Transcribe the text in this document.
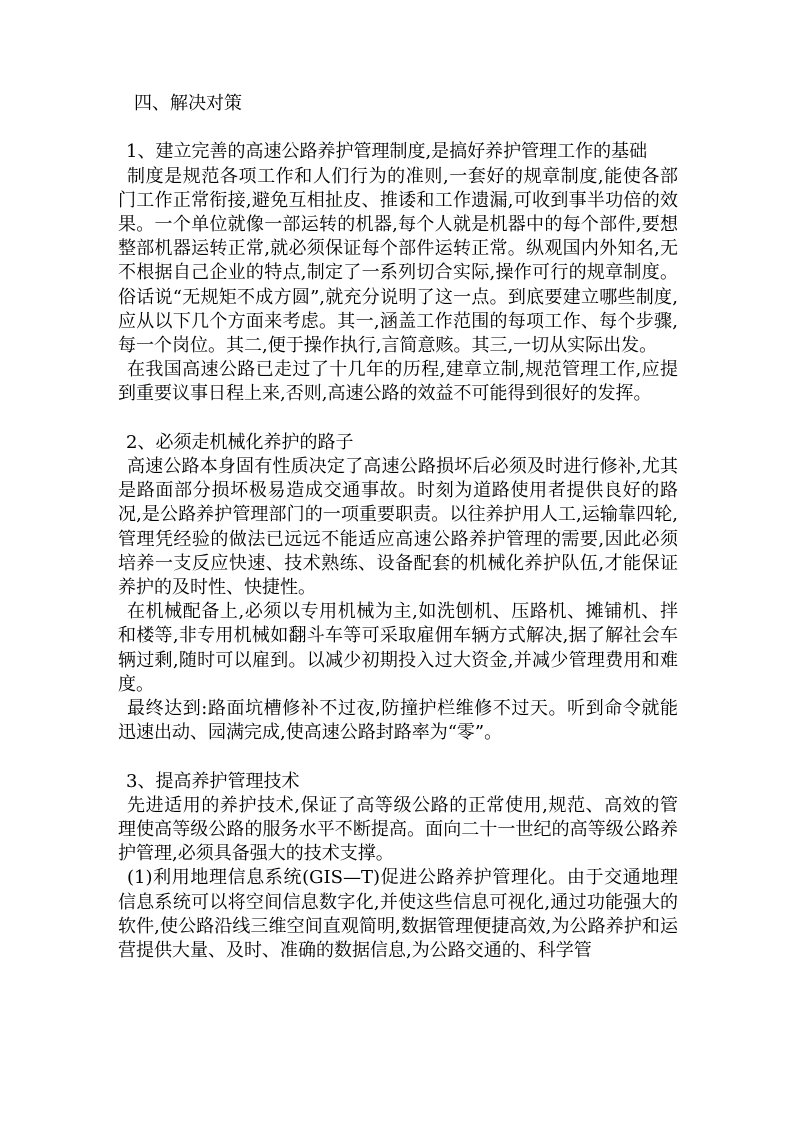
四、解决对策

1、建立完善的高速公路养护管理制度,是搞好养护管理工作的基础

制度是规范各项工作和人们行为的准则,一套好的规章制度,能使各部门工作正常衔接,避免互相扯皮、推诿和工作遗漏,可收到事半功倍的效果。一个单位就像一部运转的机器,每个人就是机器中的每个部件,要想整部机器运转正常,就必须保证每个部件运转正常。纵观国内外知名,无不根据自己企业的特点,制定了一系列切合实际,操作可行的规章制度。俗话说“无规矩不成方圆”,就充分说明了这一点。到底要建立哪些制度,应从以下几个方面来考虑。其一,涵盖工作范围的每项工作、每个步骤,每一个岗位。其二,便于操作执行,言简意赅。其三,一切从实际出发。

在我国高速公路已走过了十几年的历程,建章立制,规范管理工作,应提到重要议事日程上来,否则,高速公路的效益不可能得到很好的发挥。

2、必须走机械化养护的路子

高速公路本身固有性质决定了高速公路损坏后必须及时进行修补,尤其是路面部分损坏极易造成交通事故。时刻为道路使用者提供良好的路况,是公路养护管理部门的一项重要职责。以往养护用人工,运输靠四轮,管理凭经验的做法已远远不能适应高速公路养护管理的需要,因此必须培养一支反应快速、技术熟练、设备配套的机械化养护队伍,才能保证养护的及时性、快捷性。

在机械配备上,必须以专用机械为主,如洗刨机、压路机、摊铺机、拌和楼等,非专用机械如翻斗车等可采取雇佣车辆方式解决,据了解社会车辆过剩,随时可以雇到。以减少初期投入过大资金,并减少管理费用和难度。

最终达到:路面坑槽修补不过夜,防撞护栏维修不过天。听到命令就能迅速出动、园满完成,使高速公路封路率为“零”。

3、提高养护管理技术

先进适用的养护技术,保证了高等级公路的正常使用,规范、高效的管理使高等级公路的服务水平不断提高。面向二十一世纪的高等级公路养护管理,必须具备强大的技术支撑。

(1)利用地理信息系统(GIS—T)促进公路养护管理化。由于交通地理信息系统可以将空间信息数字化,并使这些信息可视化,通过功能强大的软件,使公路沿线三维空间直观简明,数据管理便捷高效,为公路养护和运营提供大量、及时、准确的数据信息,为公路交通的、科学管
